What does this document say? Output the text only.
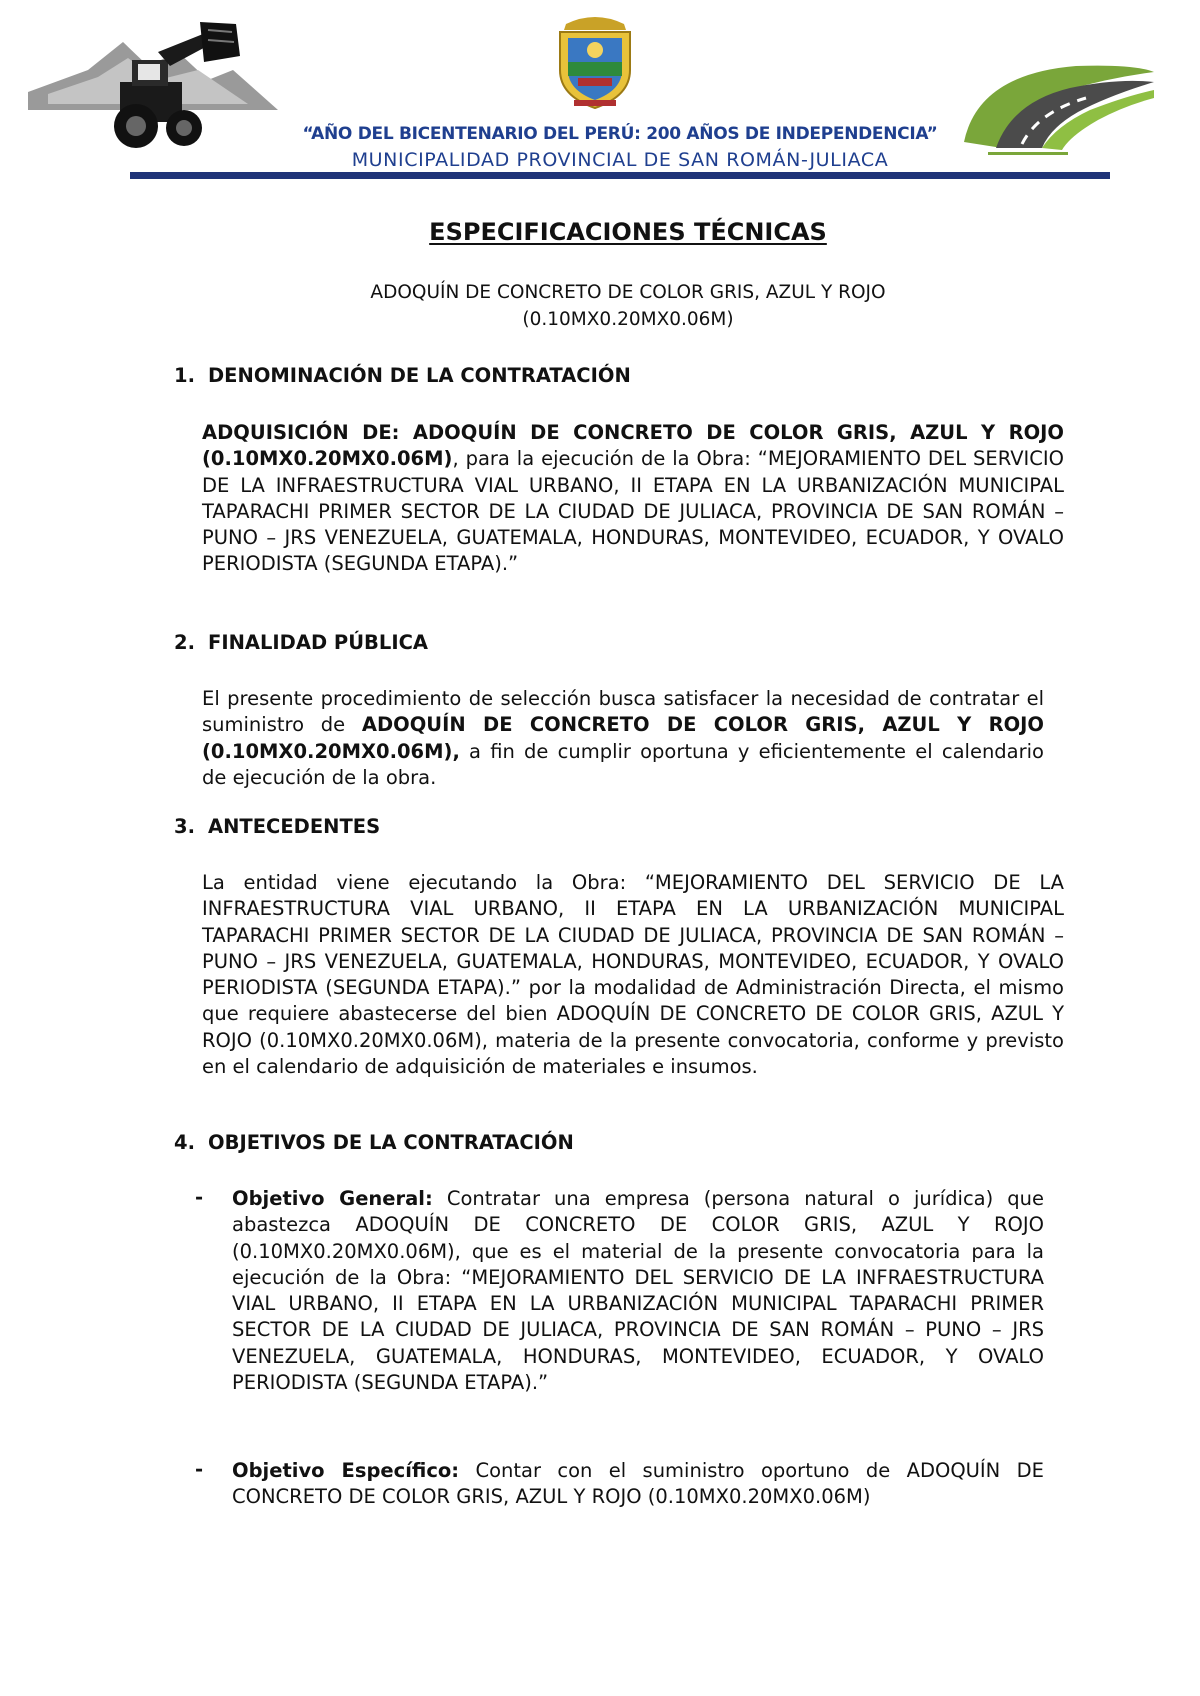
“AÑO DEL BICENTENARIO DEL PERÚ: 200 AÑOS DE INDEPENDENCIA”
MUNICIPALIDAD PROVINCIAL DE SAN ROMÁN-JULIACA
ESPECIFICACIONES TÉCNICAS
ADOQUÍN DE CONCRETO DE COLOR GRIS, AZUL Y ROJO
(0.10MX0.20MX0.06M)
1. DENOMINACIÓN DE LA CONTRATACIÓN
ADQUISICIÓN DE: ADOQUÍN DE CONCRETO DE COLOR GRIS, AZUL Y ROJO (0.10MX0.20MX0.06M), para la ejecución de la Obra: “MEJORAMIENTO DEL SERVICIO DE LA INFRAESTRUCTURA VIAL URBANO, II ETAPA EN LA URBANIZACIÓN MUNICIPAL TAPARACHI PRIMER SECTOR DE LA CIUDAD DE JULIACA, PROVINCIA DE SAN ROMÁN – PUNO – JRS VENEZUELA, GUATEMALA, HONDURAS, MONTEVIDEO, ECUADOR, Y OVALO PERIODISTA (SEGUNDA ETAPA).”
2. FINALIDAD PÚBLICA
El presente procedimiento de selección busca satisfacer la necesidad de contratar el suministro de ADOQUÍN DE CONCRETO DE COLOR GRIS, AZUL Y ROJO (0.10MX0.20MX0.06M), a fin de cumplir oportuna y eficientemente el calendario de ejecución de la obra.
3. ANTECEDENTES
La entidad viene ejecutando la Obra: “MEJORAMIENTO DEL SERVICIO DE LA INFRAESTRUCTURA VIAL URBANO, II ETAPA EN LA URBANIZACIÓN MUNICIPAL TAPARACHI PRIMER SECTOR DE LA CIUDAD DE JULIACA, PROVINCIA DE SAN ROMÁN – PUNO – JRS VENEZUELA, GUATEMALA, HONDURAS, MONTEVIDEO, ECUADOR, Y OVALO PERIODISTA (SEGUNDA ETAPA).” por la modalidad de Administración Directa, el mismo que requiere abastecerse del bien ADOQUÍN DE CONCRETO DE COLOR GRIS, AZUL Y ROJO (0.10MX0.20MX0.06M), materia de la presente convocatoria, conforme y previsto en el calendario de adquisición de materiales e insumos.
4. OBJETIVOS DE LA CONTRATACIÓN
- Objetivo General: Contratar una empresa (persona natural o jurídica) que abastezca ADOQUÍN DE CONCRETO DE COLOR GRIS, AZUL Y ROJO (0.10MX0.20MX0.06M), que es el material de la presente convocatoria para la ejecución de la Obra: “MEJORAMIENTO DEL SERVICIO DE LA INFRAESTRUCTURA VIAL URBANO, II ETAPA EN LA URBANIZACIÓN MUNICIPAL TAPARACHI PRIMER SECTOR DE LA CIUDAD DE JULIACA, PROVINCIA DE SAN ROMÁN – PUNO – JRS VENEZUELA, GUATEMALA, HONDURAS, MONTEVIDEO, ECUADOR, Y OVALO PERIODISTA (SEGUNDA ETAPA).”
- Objetivo Específico: Contar con el suministro oportuno de ADOQUÍN DE CONCRETO DE COLOR GRIS, AZUL Y ROJO (0.10MX0.20MX0.06M)
